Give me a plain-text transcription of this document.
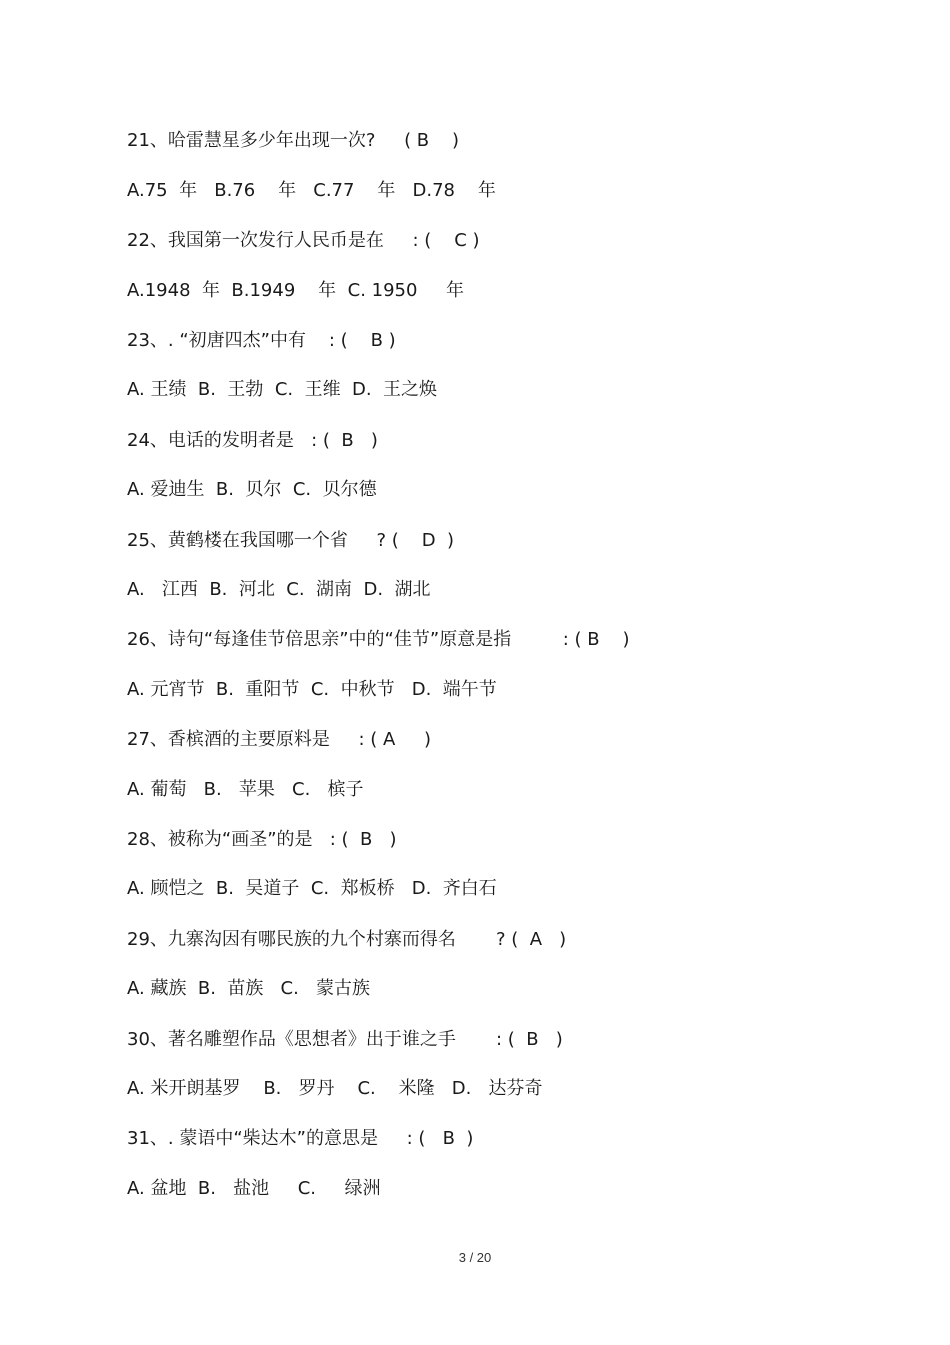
21、哈雷慧星多少年出现一次?     ( B    )
A.75  年   B.76    年   C.77    年   D.78    年
22、我国第一次发行人民币是在     : (    C )
A.1948  年  B.1949    年  C. 1950     年
23、. “初唐四杰”中有    : (    B )
A. 王绩  B.  王勃  C.  王维  D.  王之焕
24、电话的发明者是   : (  B   )
A. 爱迪生  B.  贝尔  C.  贝尔德
25、黄鹤楼在我国哪一个省     ? (    D  )
A.   江西  B.  河北  C.  湖南  D.  湖北
26、诗句“每逢佳节倍思亲”中的“佳节”原意是指         : ( B    )
A. 元宵节  B.  重阳节  C.  中秋节   D.  端午节
27、香槟酒的主要原料是     : ( A     )
A. 葡萄   B.   苹果   C.   槟子
28、被称为“画圣”的是   : (  B   )
A. 顾恺之  B.  吴道子  C.  郑板桥   D.  齐白石
29、九寨沟因有哪民族的九个村寨而得名       ? (  A   )
A. 藏族  B.  苗族   C.   蒙古族
30、著名雕塑作品《思想者》出于谁之手       : (  B   )
A. 米开朗基罗    B.   罗丹    C.    米隆   D.   达芬奇
31、. 蒙语中“柴达木”的意思是     : (   B  )
A. 盆地  B.   盐池     C.     绿洲
3 / 20
